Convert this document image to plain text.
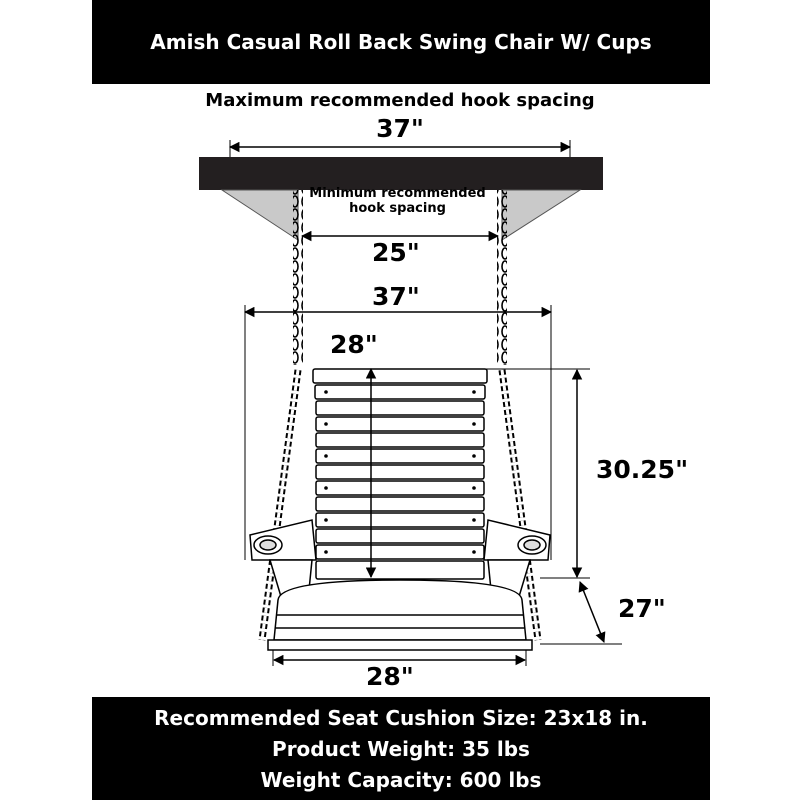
Amish Casual Roll Back Swing Chair W/ Cups
Maximum recommended hook spacing
37"
Minimum recommended hook spacing
25"
37"
28"
30.25"
27"
28"
Recommended Seat Cushion Size: 23x18 in.
Product Weight: 35 lbs
Weight Capacity: 600 lbs
